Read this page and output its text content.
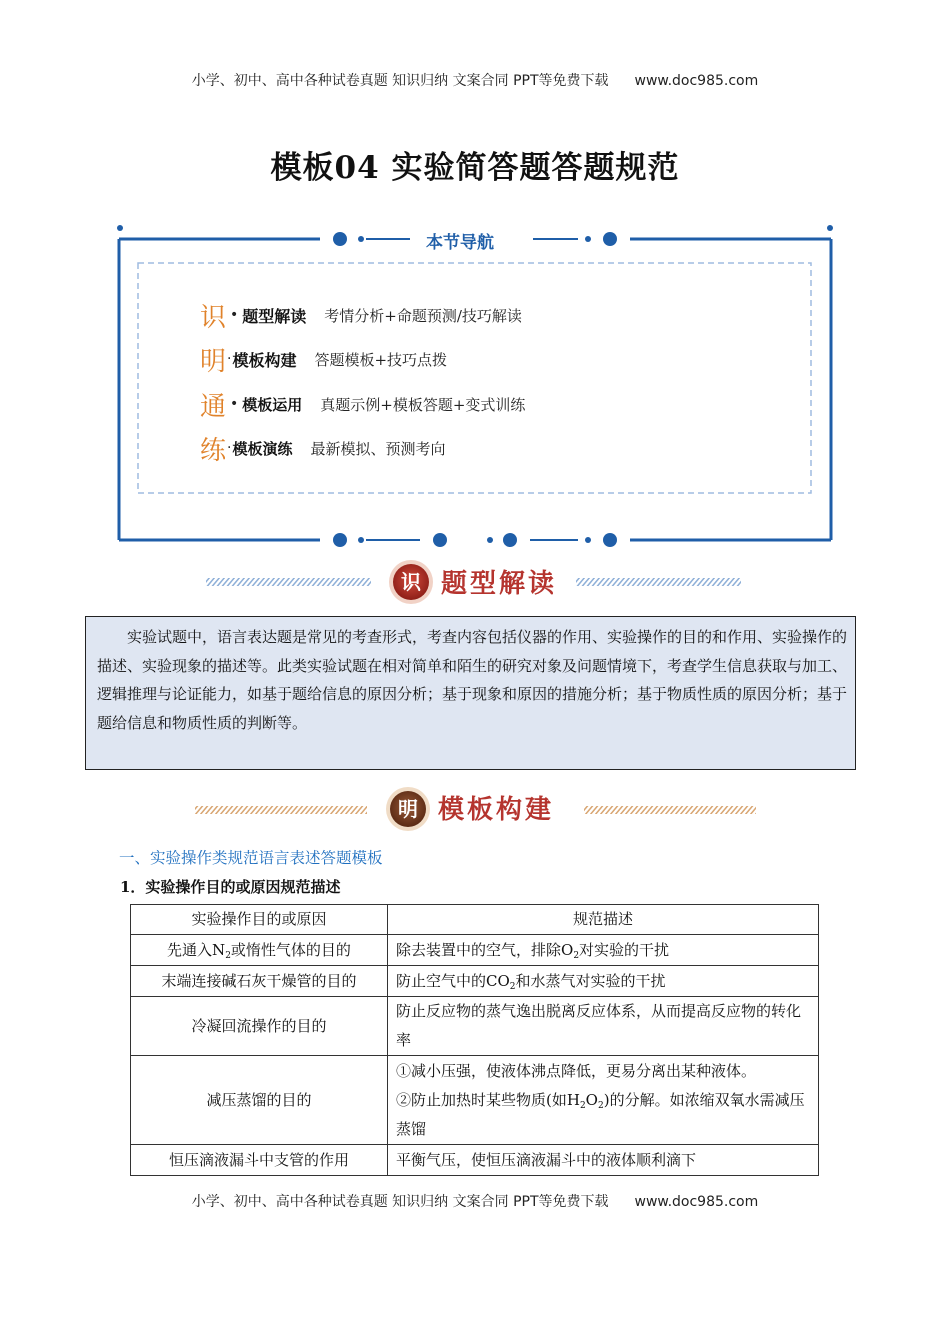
小学、初中、高中各种试卷真题 知识归纳 文案合同 PPT等免费下载 www.doc985.com
模板04 实验简答题答题规范
本节导航
识 • 题型解读 考情分析+命题预测/技巧解读
明 · 模板构建 答题模板+技巧点拨
通 • 模板运用 真题示例+模板答题+变式训练
练 · 模板演练 最新模拟、预测考向
识 题型解读

实验试题中，语言表达题是常见的考查形式，考查内容包括仪器的作用、实验操作的目的和作用、实验操作的描述、实验现象的描述等。此类实验试题在相对简单和陌生的研究对象及问题情境下，考查学生信息获取与加工、逻辑推理与论证能力，如基于题给信息的原因分析；基于现象和原因的措施分析；基于物质性质的原因分析；基于题给信息和物质性质的判断等。

明 模板构建
一、实验操作类规范语言表述答题模板
1．实验操作目的或原因规范描述
实验操作目的或原因	规范描述
先通入$N_2$或惰性气体的目的	除去装置中的空气，排除$O_2$对实验的干扰
末端连接碱石灰干燥管的目的	防止空气中的$CO_2$和水蒸气对实验的干扰
冷凝回流操作的目的	防止反应物的蒸气逸出脱离反应体系，从而提高反应物的转化率
减压蒸馏的目的	①减小压强，使液体沸点降低，更易分离出某种液体。
②防止加热时某些物质(如$H_2O_2$)的分解。如浓缩双氧水需减压蒸馏

恒压滴液漏斗中支管的作用	平衡气压，使恒压滴液漏斗中的液体顺利滴下
小学、初中、高中各种试卷真题 知识归纳 文案合同 PPT等免费下载 www.doc985.com
